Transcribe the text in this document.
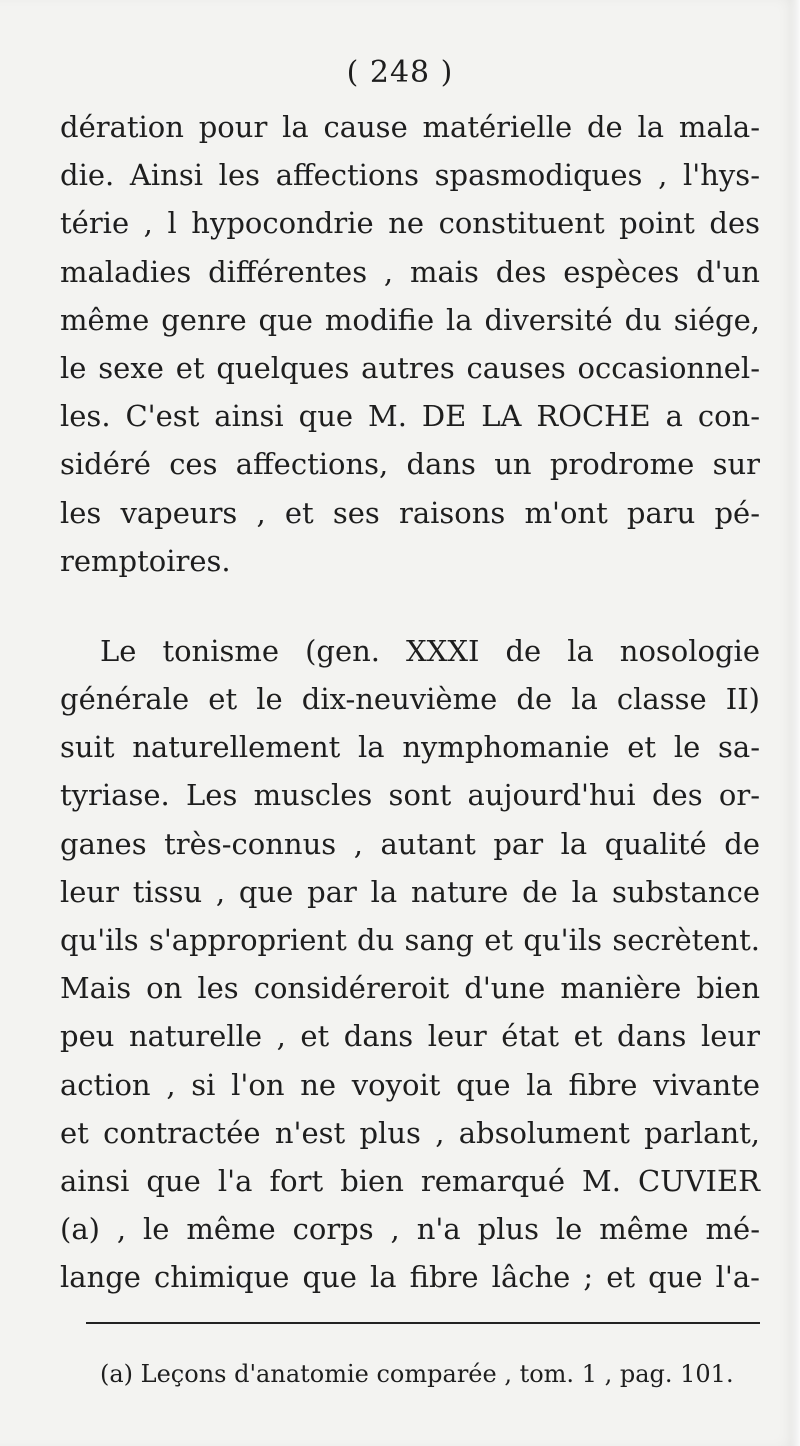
( 248 )
dération pour la cause matérielle de la mala-
die. Ainsi les affections spasmodiques , l'hys-
térie , l hypocondrie ne constituent point des
maladies différentes , mais des espèces d'un
même genre que modifie la diversité du siége,
le sexe et quelques autres causes occasionnel-
les. C'est ainsi que M. DE LA ROCHE a con-
sidéré ces affections, dans un prodrome sur
les vapeurs , et ses raisons m'ont paru pé-
remptoires.
Le tonisme (gen. XXXI de la nosologie
générale et le dix-neuvième de la classe II)
suit naturellement la nymphomanie et le sa-
tyriase. Les muscles sont aujourd'hui des or-
ganes très-connus , autant par la qualité de
leur tissu , que par la nature de la substance
qu'ils s'approprient du sang et qu'ils secrètent.
Mais on les considéreroit d'une manière bien
peu naturelle , et dans leur état et dans leur
action , si l'on ne voyoit que la fibre vivante
et contractée n'est plus , absolument parlant,
ainsi que l'a fort bien remarqué M. CUVIER
(a) , le même corps , n'a plus le même mé-
lange chimique que la fibre lâche ; et que l'a-
(a) Leçons d'anatomie comparée , tom. 1 , pag. 101.
